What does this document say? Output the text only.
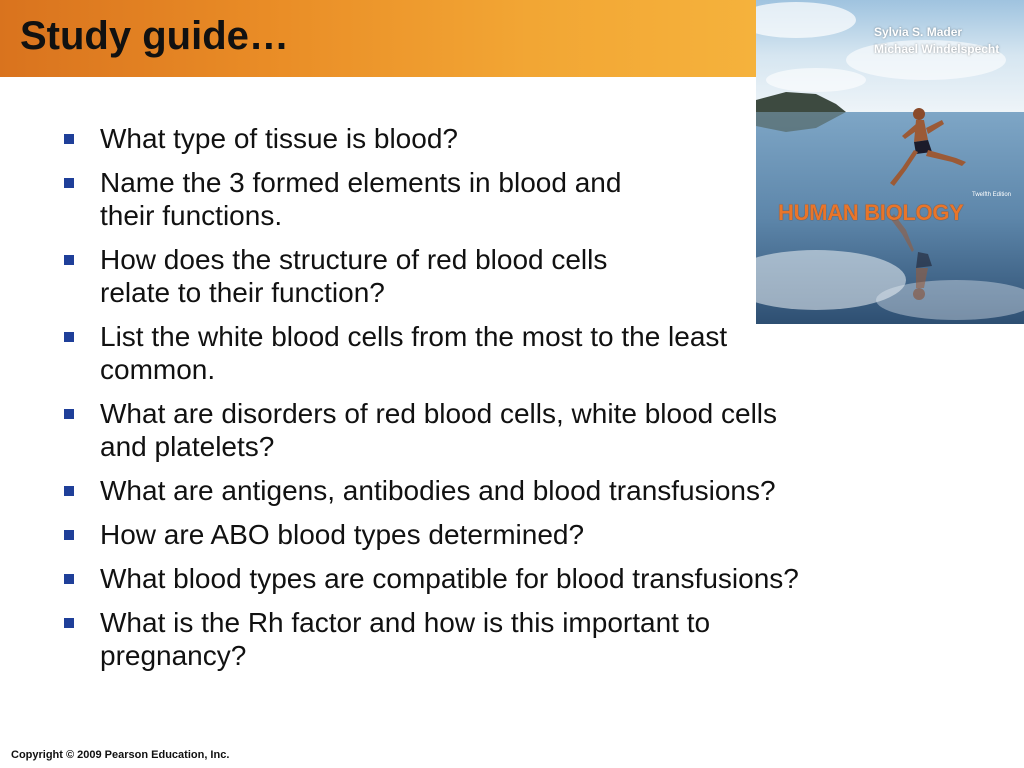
Study guide…	Sylvia S. Mader
Michael Windelspecht
Twelfth Edition
HUMAN BIOLOGY
What type of tissue is blood?
Name the 3 formed elements in blood and
their functions.
How does the structure of red blood cells
relate to their function?
List the white blood cells from the most to the least
common.
What are disorders of red blood cells, white blood cells
and platelets?
What are antigens, antibodies and blood transfusions?
How are ABO blood types determined?
What blood types are compatible for blood transfusions?
What is the Rh factor and how is this important to
pregnancy?
Copyright © 2009 Pearson Education, Inc.
